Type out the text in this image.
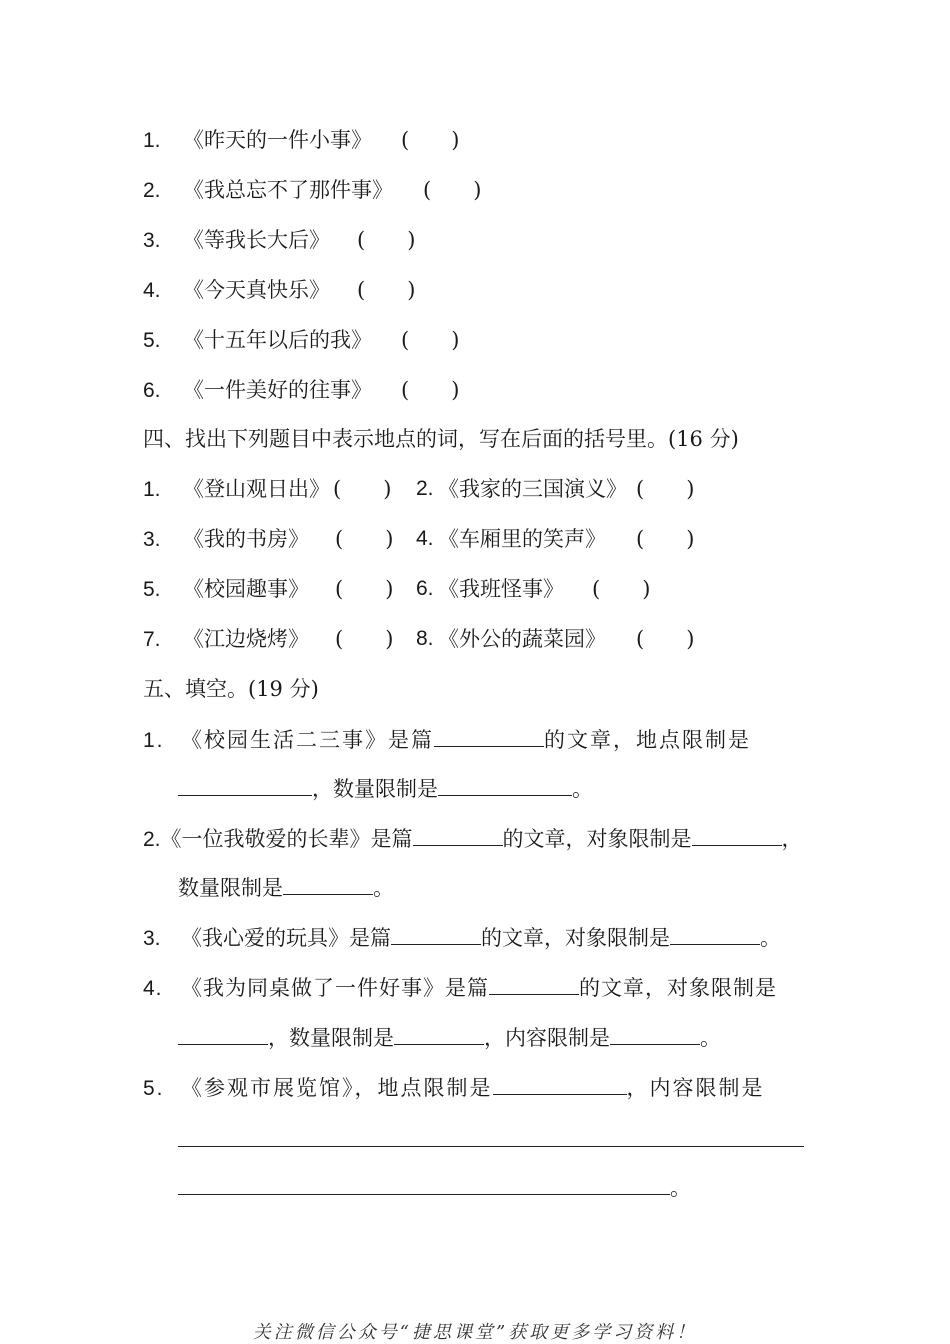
1. 《昨天的一件小事》 (　　)
2. 《我总忘不了那件事》 (　　)
3. 《等我长大后》 (　　)
4. 《今天真快乐》 (　　)
5. 《十五年以后的我》 (　　)
6. 《一件美好的往事》 (　　)
四、找出下列题目中表示地点的词，写在后面的括号里。(16 分)
1. 《登山观日出》 (　　) 2. 《我家的三国演义》 (　　)
3. 《我的书房》 (　　) 4. 《车厢里的笑声》 (　　)
5. 《校园趣事》 (　　) 6. 《我班怪事》 (　　)
7. 《江边烧烤》 (　　) 8. 《外公的蔬菜园》 (　　)
五、填空。(19 分)
1. 《校园生活二三事》是篇	的文章，地点限制是
，数量限制是	。
2.《一位我敬爱的长辈》是篇	的文章，对象限制是	，
数量限制是	。
3. 《我心爱的玩具》是篇	的文章，对象限制是	。
4. 《我为同桌做了一件好事》是篇	的文章，对象限制是
，数量限制是	，内容限制是	。
5. 《参观市展览馆》，地点限制是	，内容限制是
。
关注微信公众号“捷思课堂”获取更多学习资料！
